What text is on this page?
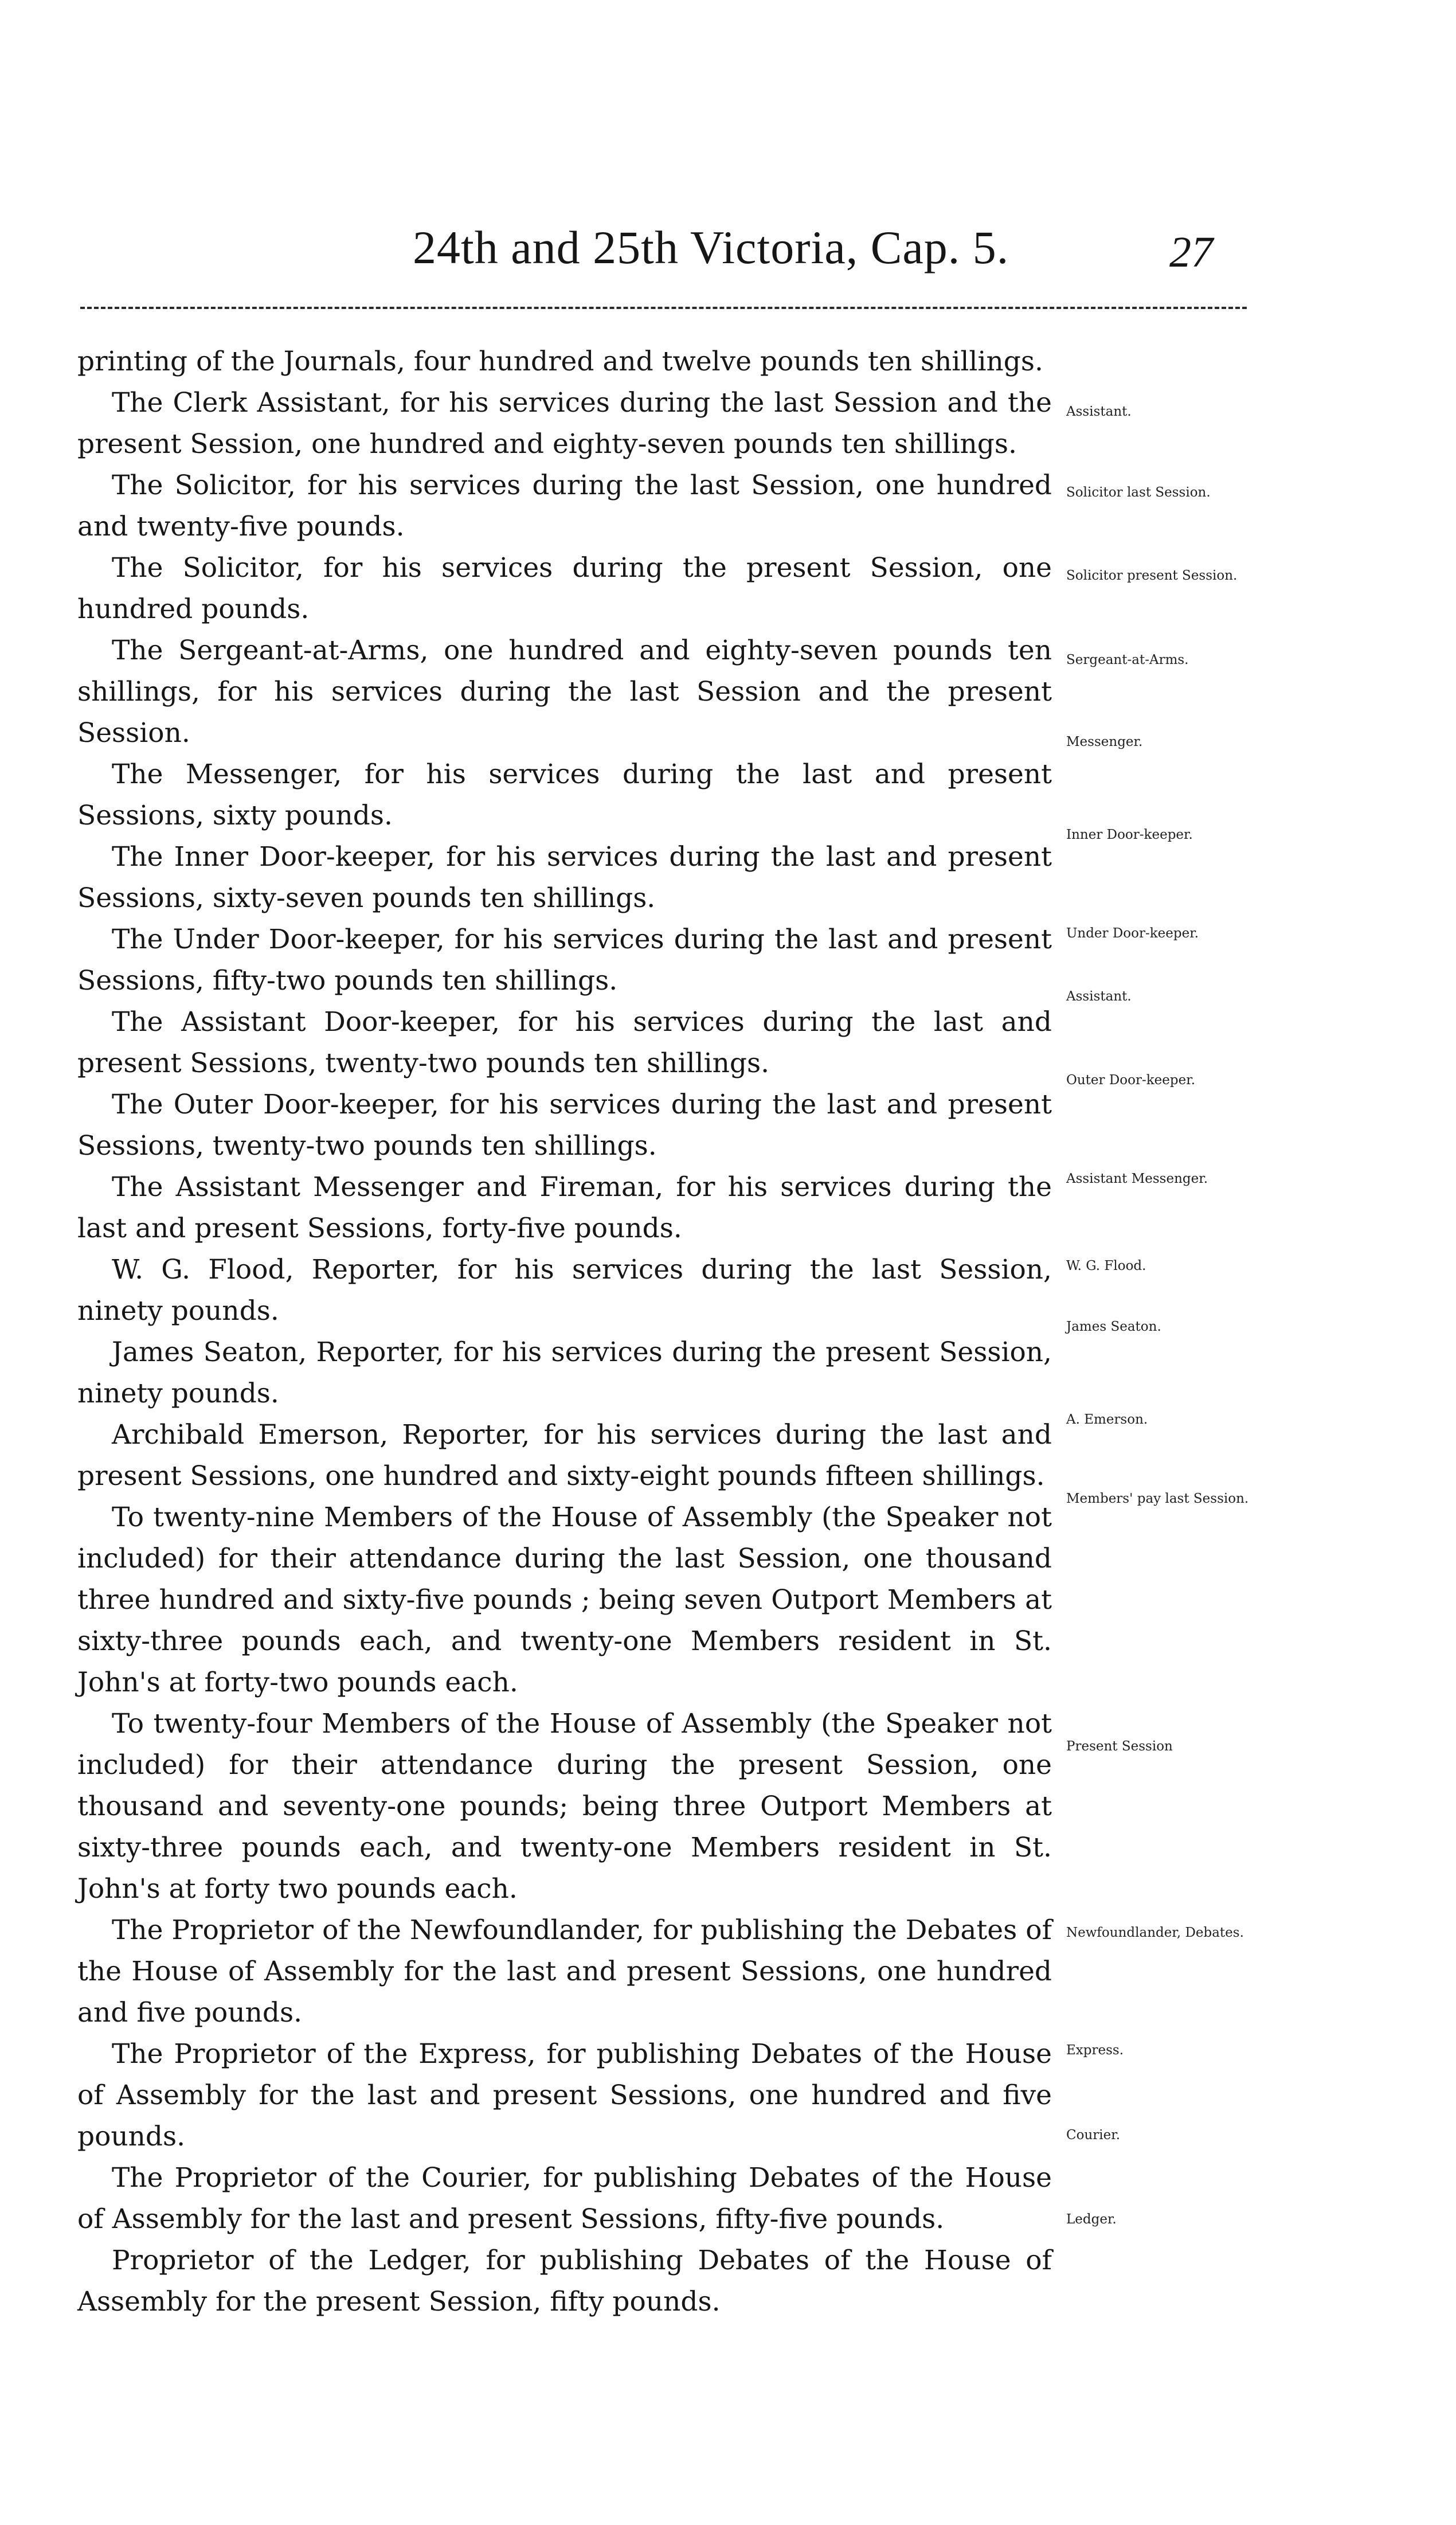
24th and 25th Victoria, Cap. 5.	27

printing of the Journals, four hundred and twelve pounds ten shillings.

The Clerk Assistant, for his services during the last Session and the present Session, one hundred and eighty-seven pounds ten shillings.

The Solicitor, for his services during the last Session, one hundred and twenty-five pounds.

The Solicitor, for his services during the present Session, one hundred pounds.

The Sergeant-at-Arms, one hundred and eighty-seven pounds ten shillings, for his services during the last Session and the present Session.

The Messenger, for his services during the last and present Sessions, sixty pounds.

The Inner Door-keeper, for his services during the last and present Sessions, sixty-seven pounds ten shillings.

The Under Door-keeper, for his services during the last and present Sessions, fifty-two pounds ten shillings.

The Assistant Door-keeper, for his services during the last and present Sessions, twenty-two pounds ten shillings.

The Outer Door-keeper, for his services during the last and present Sessions, twenty-two pounds ten shillings.

The Assistant Messenger and Fireman, for his services during the last and present Sessions, forty-five pounds.

W. G. Flood, Reporter, for his services during the last Session, ninety pounds.

James Seaton, Reporter, for his services during the present Session, ninety pounds.

Archibald Emerson, Reporter, for his services during the last and present Sessions, one hundred and sixty-eight pounds fifteen shillings.

To twenty-nine Members of the House of Assembly (the Speaker not included) for their attendance during the last Session, one thousand three hundred and sixty-five pounds ; being seven Outport Members at sixty-three pounds each, and twenty-one Members resident in St. John's at forty-two pounds each.

To twenty-four Members of the House of Assembly (the Speaker not included) for their attendance during the present Session, one thousand and seventy-one pounds; being three Outport Members at sixty-three pounds each, and twenty-one Members resident in St. John's at forty two pounds each.

The Proprietor of the Newfoundlander, for publishing the Debates of the House of Assembly for the last and present Sessions, one hundred and five pounds.

The Proprietor of the Express, for publishing Debates of the House of Assembly for the last and present Sessions, one hundred and five pounds.

The Proprietor of the Courier, for publishing Debates of the House of Assembly for the last and present Sessions, fifty-five pounds.

Proprietor of the Ledger, for publishing Debates of the House of Assembly for the present Session, fifty pounds.

Assistant.
Solicitor last Session.
Solicitor present Session.
Sergeant-at-Arms.
Messenger.
Inner Door-keeper.
Under Door-keeper.
Assistant.
Outer Door-keeper.
Assistant Messenger.
W. G. Flood.
James Seaton.
A. Emerson.
Members' pay last Session.
Present Session
Newfoundlander, Debates.
Express.
Courier.
Ledger.
